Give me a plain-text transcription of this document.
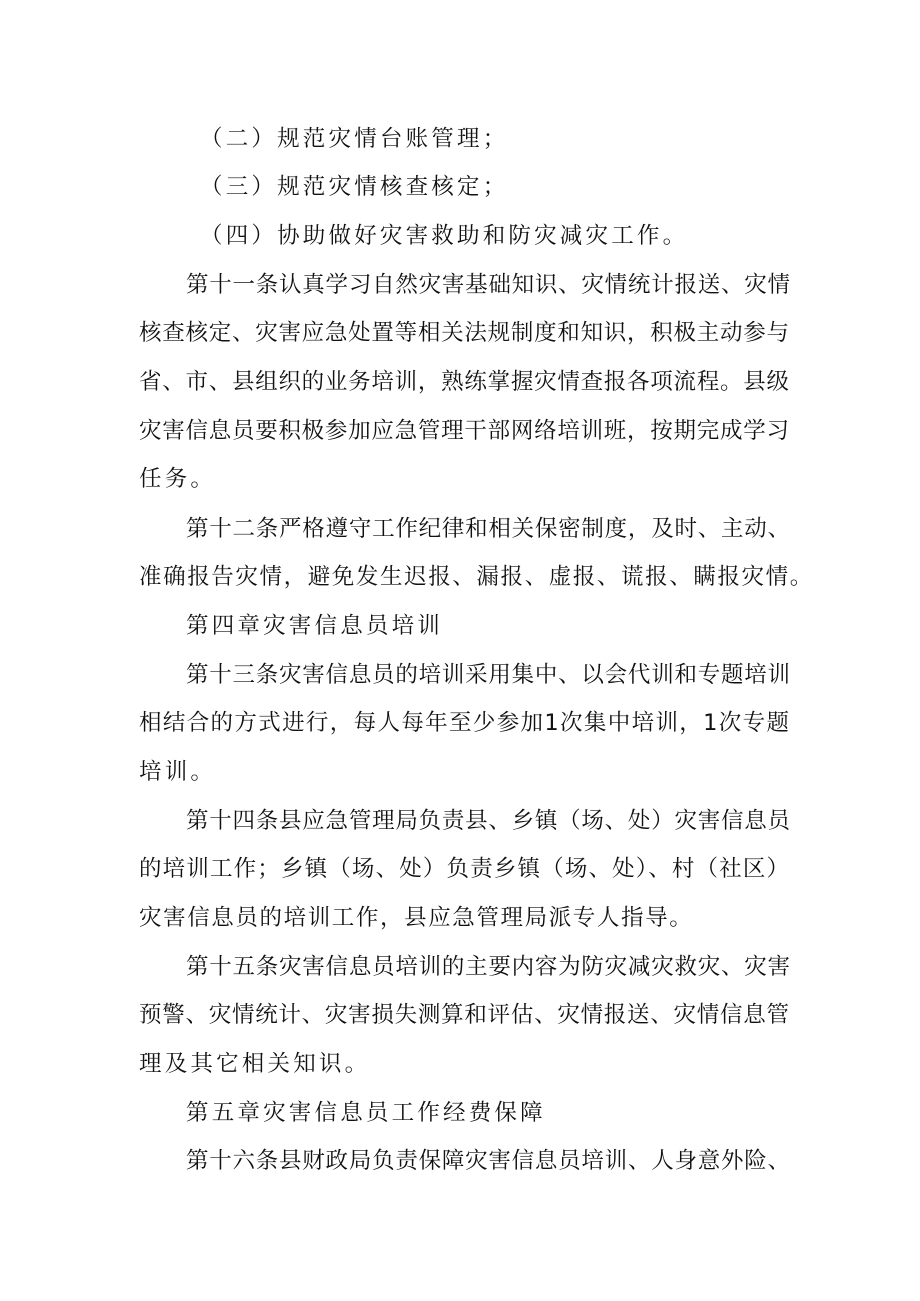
（二）规范灾情台账管理；
（三）规范灾情核查核定；
（四）协助做好灾害救助和防灾减灾工作。
第十一条认真学习自然灾害基础知识、灾情统计报送、灾情
核查核定、灾害应急处置等相关法规制度和知识，积极主动参与
省、市、县组织的业务培训，熟练掌握灾情查报各项流程。县级
灾害信息员要积极参加应急管理干部网络培训班，按期完成学习
任务。
第十二条严格遵守工作纪律和相关保密制度，及时、主动、
准确报告灾情，避免发生迟报、漏报、虚报、谎报、瞒报灾情。
第四章灾害信息员培训
第十三条灾害信息员的培训采用集中、以会代训和专题培训
相结合的方式进行，每人每年至少参加1次集中培训，1次专题
培训。
第十四条县应急管理局负责县、乡镇（场、处）灾害信息员
的培训工作；乡镇（场、处）负责乡镇（场、处）、村（社区）
灾害信息员的培训工作，县应急管理局派专人指导。
第十五条灾害信息员培训的主要内容为防灾减灾救灾、灾害
预警、灾情统计、灾害损失测算和评估、灾情报送、灾情信息管
理及其它相关知识。
第五章灾害信息员工作经费保障
第十六条县财政局负责保障灾害信息员培训、人身意外险、
